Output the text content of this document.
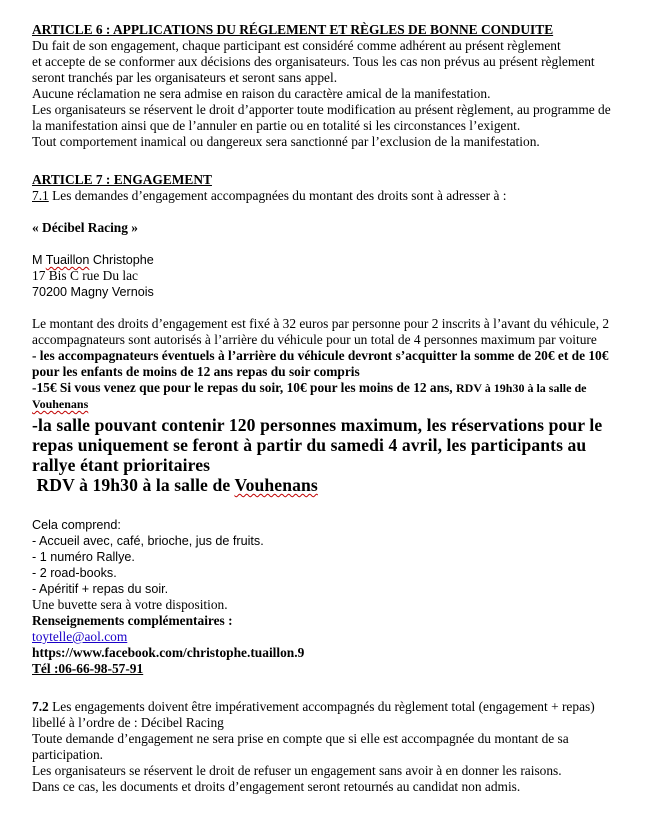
ARTICLE 6 : APPLICATIONS DU RÉGLEMENT ET RÈGLES DE BONNE CONDUITE
Du fait de son engagement, chaque participant est considéré comme adhérent au présent règlement
et accepte de se conformer aux décisions des organisateurs. Tous les cas non prévus au présent règlement
seront tranchés par les organisateurs et seront sans appel.
Aucune réclamation ne sera admise en raison du caractère amical de la manifestation.
Les organisateurs se réservent le droit d’apporter toute modification au présent règlement, au programme de
la manifestation ainsi que de l’annuler en partie ou en totalité si les circonstances l’exigent.
Tout comportement inamical ou dangereux sera sanctionné par l’exclusion de la manifestation.
ARTICLE 7 : ENGAGEMENT
7.1 Les demandes d’engagement accompagnées du montant des droits sont à adresser à :
« Décibel Racing »
M Tuaillon Christophe
17 Bis C rue Du lac
70200 Magny Vernois
Le montant des droits d’engagement est fixé à 32 euros par personne pour 2 inscrits à l’avant du véhicule, 2
accompagnateurs sont autorisés à l’arrière du véhicule pour un total de 4 personnes maximum par voiture
- les accompagnateurs éventuels à l’arrière du véhicule devront s’acquitter la somme de 20€ et de 10€
pour les enfants de moins de 12 ans repas du soir compris
-15€ Si vous venez que pour le repas du soir, 10€ pour les moins de 12 ans, RDV à 19h30 à la salle de
Vouhenans
-la salle pouvant contenir 120 personnes maximum, les réservations pour le
repas uniquement se feront à partir du samedi 4 avril, les participants au
rallye étant prioritaires
RDV à 19h30 à la salle de Vouhenans
Cela comprend:
- Accueil avec, café, brioche, jus de fruits.
- 1 numéro Rallye.
- 2 road-books.
- Apéritif + repas du soir.
Une buvette sera à votre disposition.
Renseignements complémentaires :
toytelle@aol.com
https://www.facebook.com/christophe.tuaillon.9
Tél :06-66-98-57-91
7.2 Les engagements doivent être impérativement accompagnés du règlement total (engagement + repas)
libellé à l’ordre de : Décibel Racing
Toute demande d’engagement ne sera prise en compte que si elle est accompagnée du montant de sa
participation.
Les organisateurs se réservent le droit de refuser un engagement sans avoir à en donner les raisons.
Dans ce cas, les documents et droits d’engagement seront retournés au candidat non admis.
